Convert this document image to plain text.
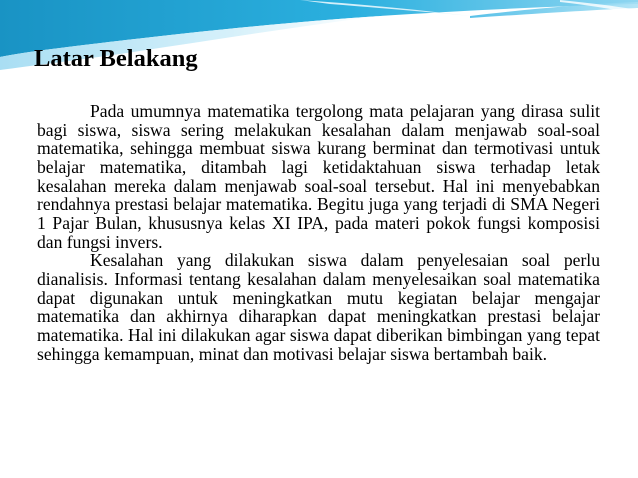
Latar Belakang

Pada umumnya matematika tergolong mata pelajaran yang dirasa sulit bagi siswa, siswa sering melakukan kesalahan dalam menjawab soal-soal matematika, sehingga membuat siswa kurang berminat dan termotivasi untuk belajar matematika, ditambah lagi ketidaktahuan siswa terhadap letak kesalahan mereka dalam menjawab soal-soal tersebut. Hal ini menyebabkan rendahnya prestasi belajar matematika. Begitu juga yang terjadi di SMA Negeri 1 Pajar Bulan, khususnya kelas XI IPA, pada materi pokok fungsi komposisi dan fungsi invers.

Kesalahan yang dilakukan siswa dalam penyelesaian soal perlu dianalisis. Informasi tentang kesalahan dalam menyelesaikan soal matematika dapat digunakan untuk meningkatkan mutu kegiatan belajar mengajar matematika dan akhirnya diharapkan dapat meningkatkan prestasi belajar matematika. Hal ini dilakukan agar siswa dapat diberikan bimbingan yang tepat sehingga kemampuan, minat dan motivasi belajar siswa bertambah baik.
